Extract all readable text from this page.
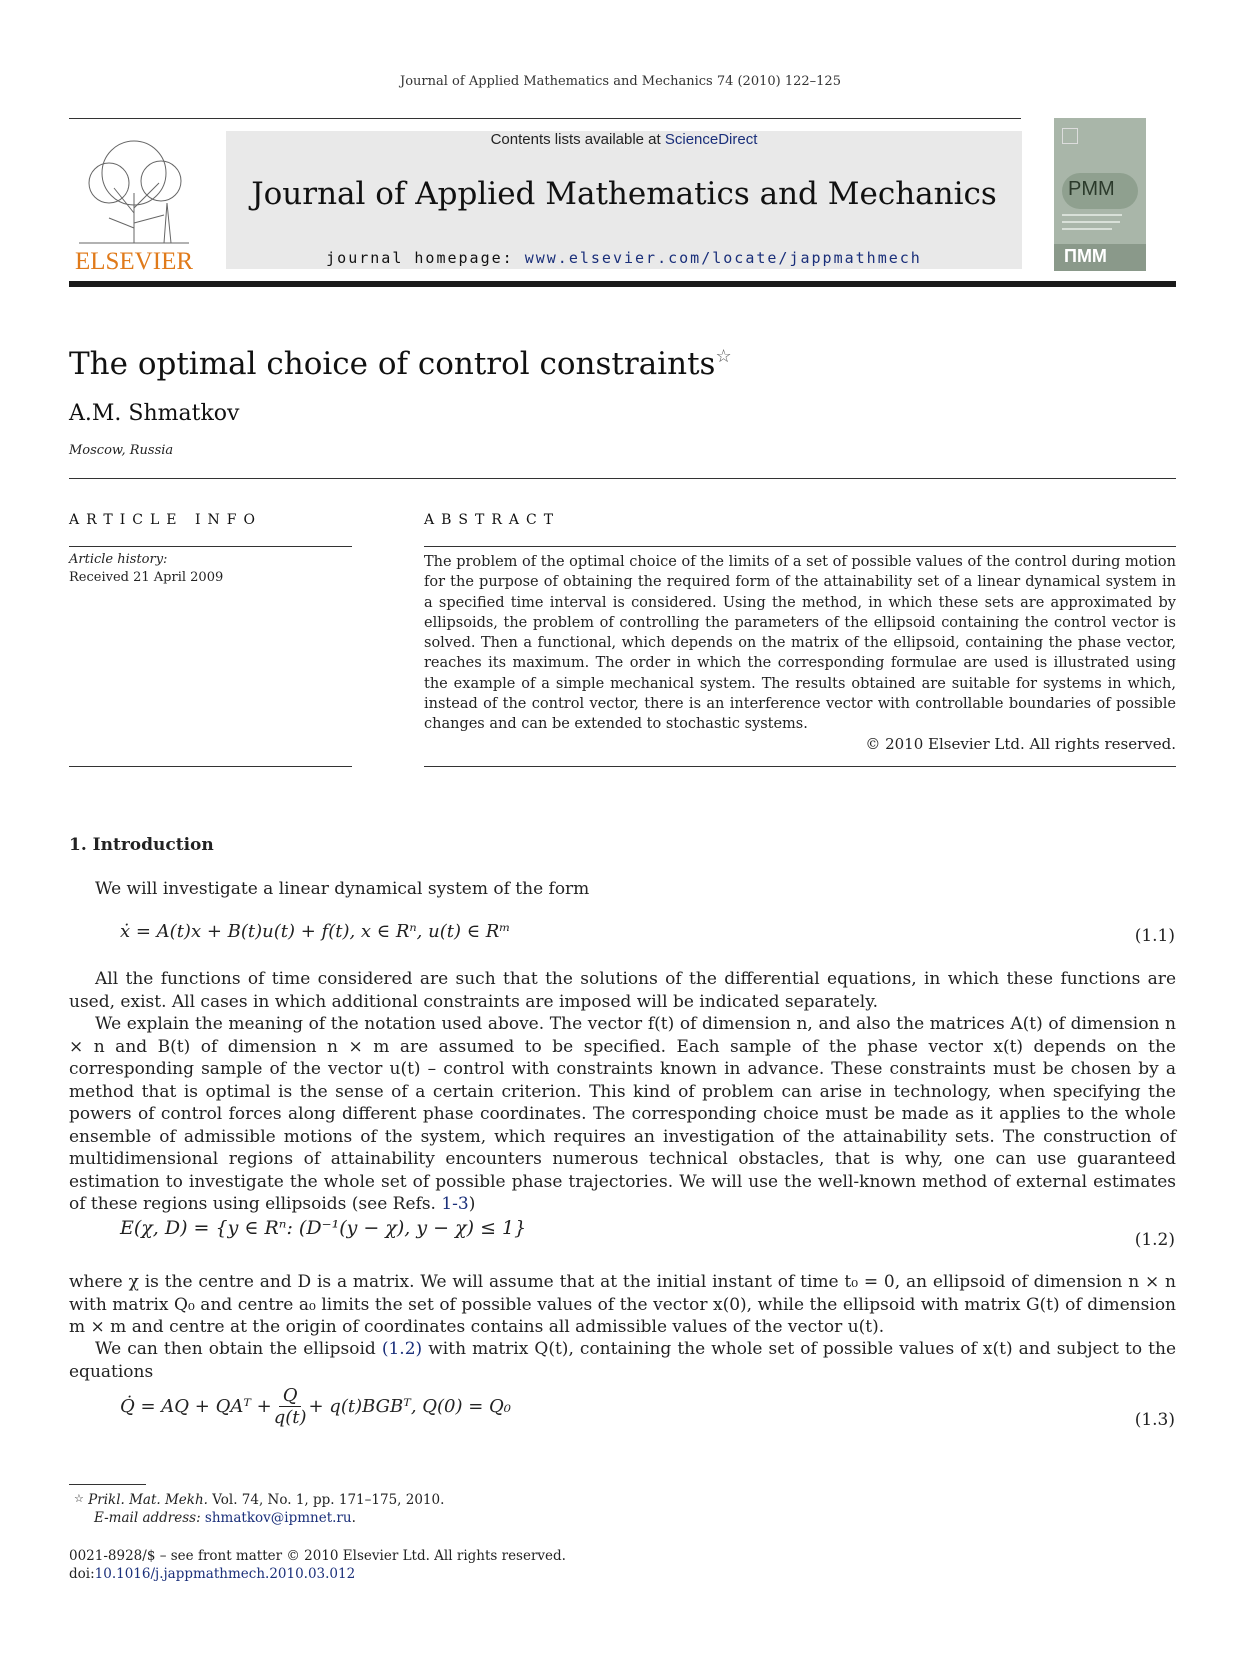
Journal of Applied Mathematics and Mechanics 74 (2010) 122–125
ELSEVIER
Contents lists available at ScienceDirect
Journal of Applied Mathematics and Mechanics
journal homepage: www.elsevier.com/locate/jappmathmech
PMM
ПММ
The optimal choice of control constraints☆
A.M. Shmatkov
Moscow, Russia
ARTICLE INFO
Article history:
Received 21 April 2009
ABSTRACT
The problem of the optimal choice of the limits of a set of possible values of the control during motion for the purpose of obtaining the required form of the attainability set of a linear dynamical system in a specified time interval is considered. Using the method, in which these sets are approximated by ellipsoids, the problem of controlling the parameters of the ellipsoid containing the control vector is solved. Then a functional, which depends on the matrix of the ellipsoid, containing the phase vector, reaches its maximum. The order in which the corresponding formulae are used is illustrated using the example of a simple mechanical system. The results obtained are suitable for systems in which, instead of the control vector, there is an interference vector with controllable boundaries of possible changes and can be extended to stochastic systems.
© 2010 Elsevier Ltd. All rights reserved.
1. Introduction
We will investigate a linear dynamical system of the form
ẋ = A(t)x + B(t)u(t) + f(t), x ∈ Rⁿ, u(t) ∈ Rᵐ	(1.1)
All the functions of time considered are such that the solutions of the differential equations, in which these functions are used, exist. All cases in which additional constraints are imposed will be indicated separately.
We explain the meaning of the notation used above. The vector f(t) of dimension n, and also the matrices A(t) of dimension n × n and B(t) of dimension n × m are assumed to be specified. Each sample of the phase vector x(t) depends on the corresponding sample of the vector u(t) – control with constraints known in advance. These constraints must be chosen by a method that is optimal is the sense of a certain criterion. This kind of problem can arise in technology, when specifying the powers of control forces along different phase coordinates. The corresponding choice must be made as it applies to the whole ensemble of admissible motions of the system, which requires an investigation of the attainability sets. The construction of multidimensional regions of attainability encounters numerous technical obstacles, that is why, one can use guaranteed estimation to investigate the whole set of possible phase trajectories. We will use the well-known method of external estimates of these regions using ellipsoids (see Refs. 1-3)
E(χ, D) = {y ∈ Rⁿ: (D⁻¹(y − χ), y − χ) ≤ 1}
(1.2)
where χ is the centre and D is a matrix. We will assume that at the initial instant of time t₀ = 0, an ellipsoid of dimension n × n with matrix Q₀ and centre a₀ limits the set of possible values of the vector x(0), while the ellipsoid with matrix G(t) of dimension m × m and centre at the origin of coordinates contains all admissible values of the vector u(t).
We can then obtain the ellipsoid (1.2) with matrix Q(t), containing the whole set of possible values of x(t) and subject to the equations
Q̇ = AQ + QAᵀ + $\frac{Q}{q(t)}$ + q(t)BGBᵀ, Q(0) = Q₀
(1.3)
☆ Prikl. Mat. Mekh. Vol. 74, No. 1, pp. 171–175, 2010.
E-mail address: shmatkov@ipmnet.ru.
0021-8928/$ – see front matter © 2010 Elsevier Ltd. All rights reserved.
doi:10.1016/j.jappmathmech.2010.03.012
